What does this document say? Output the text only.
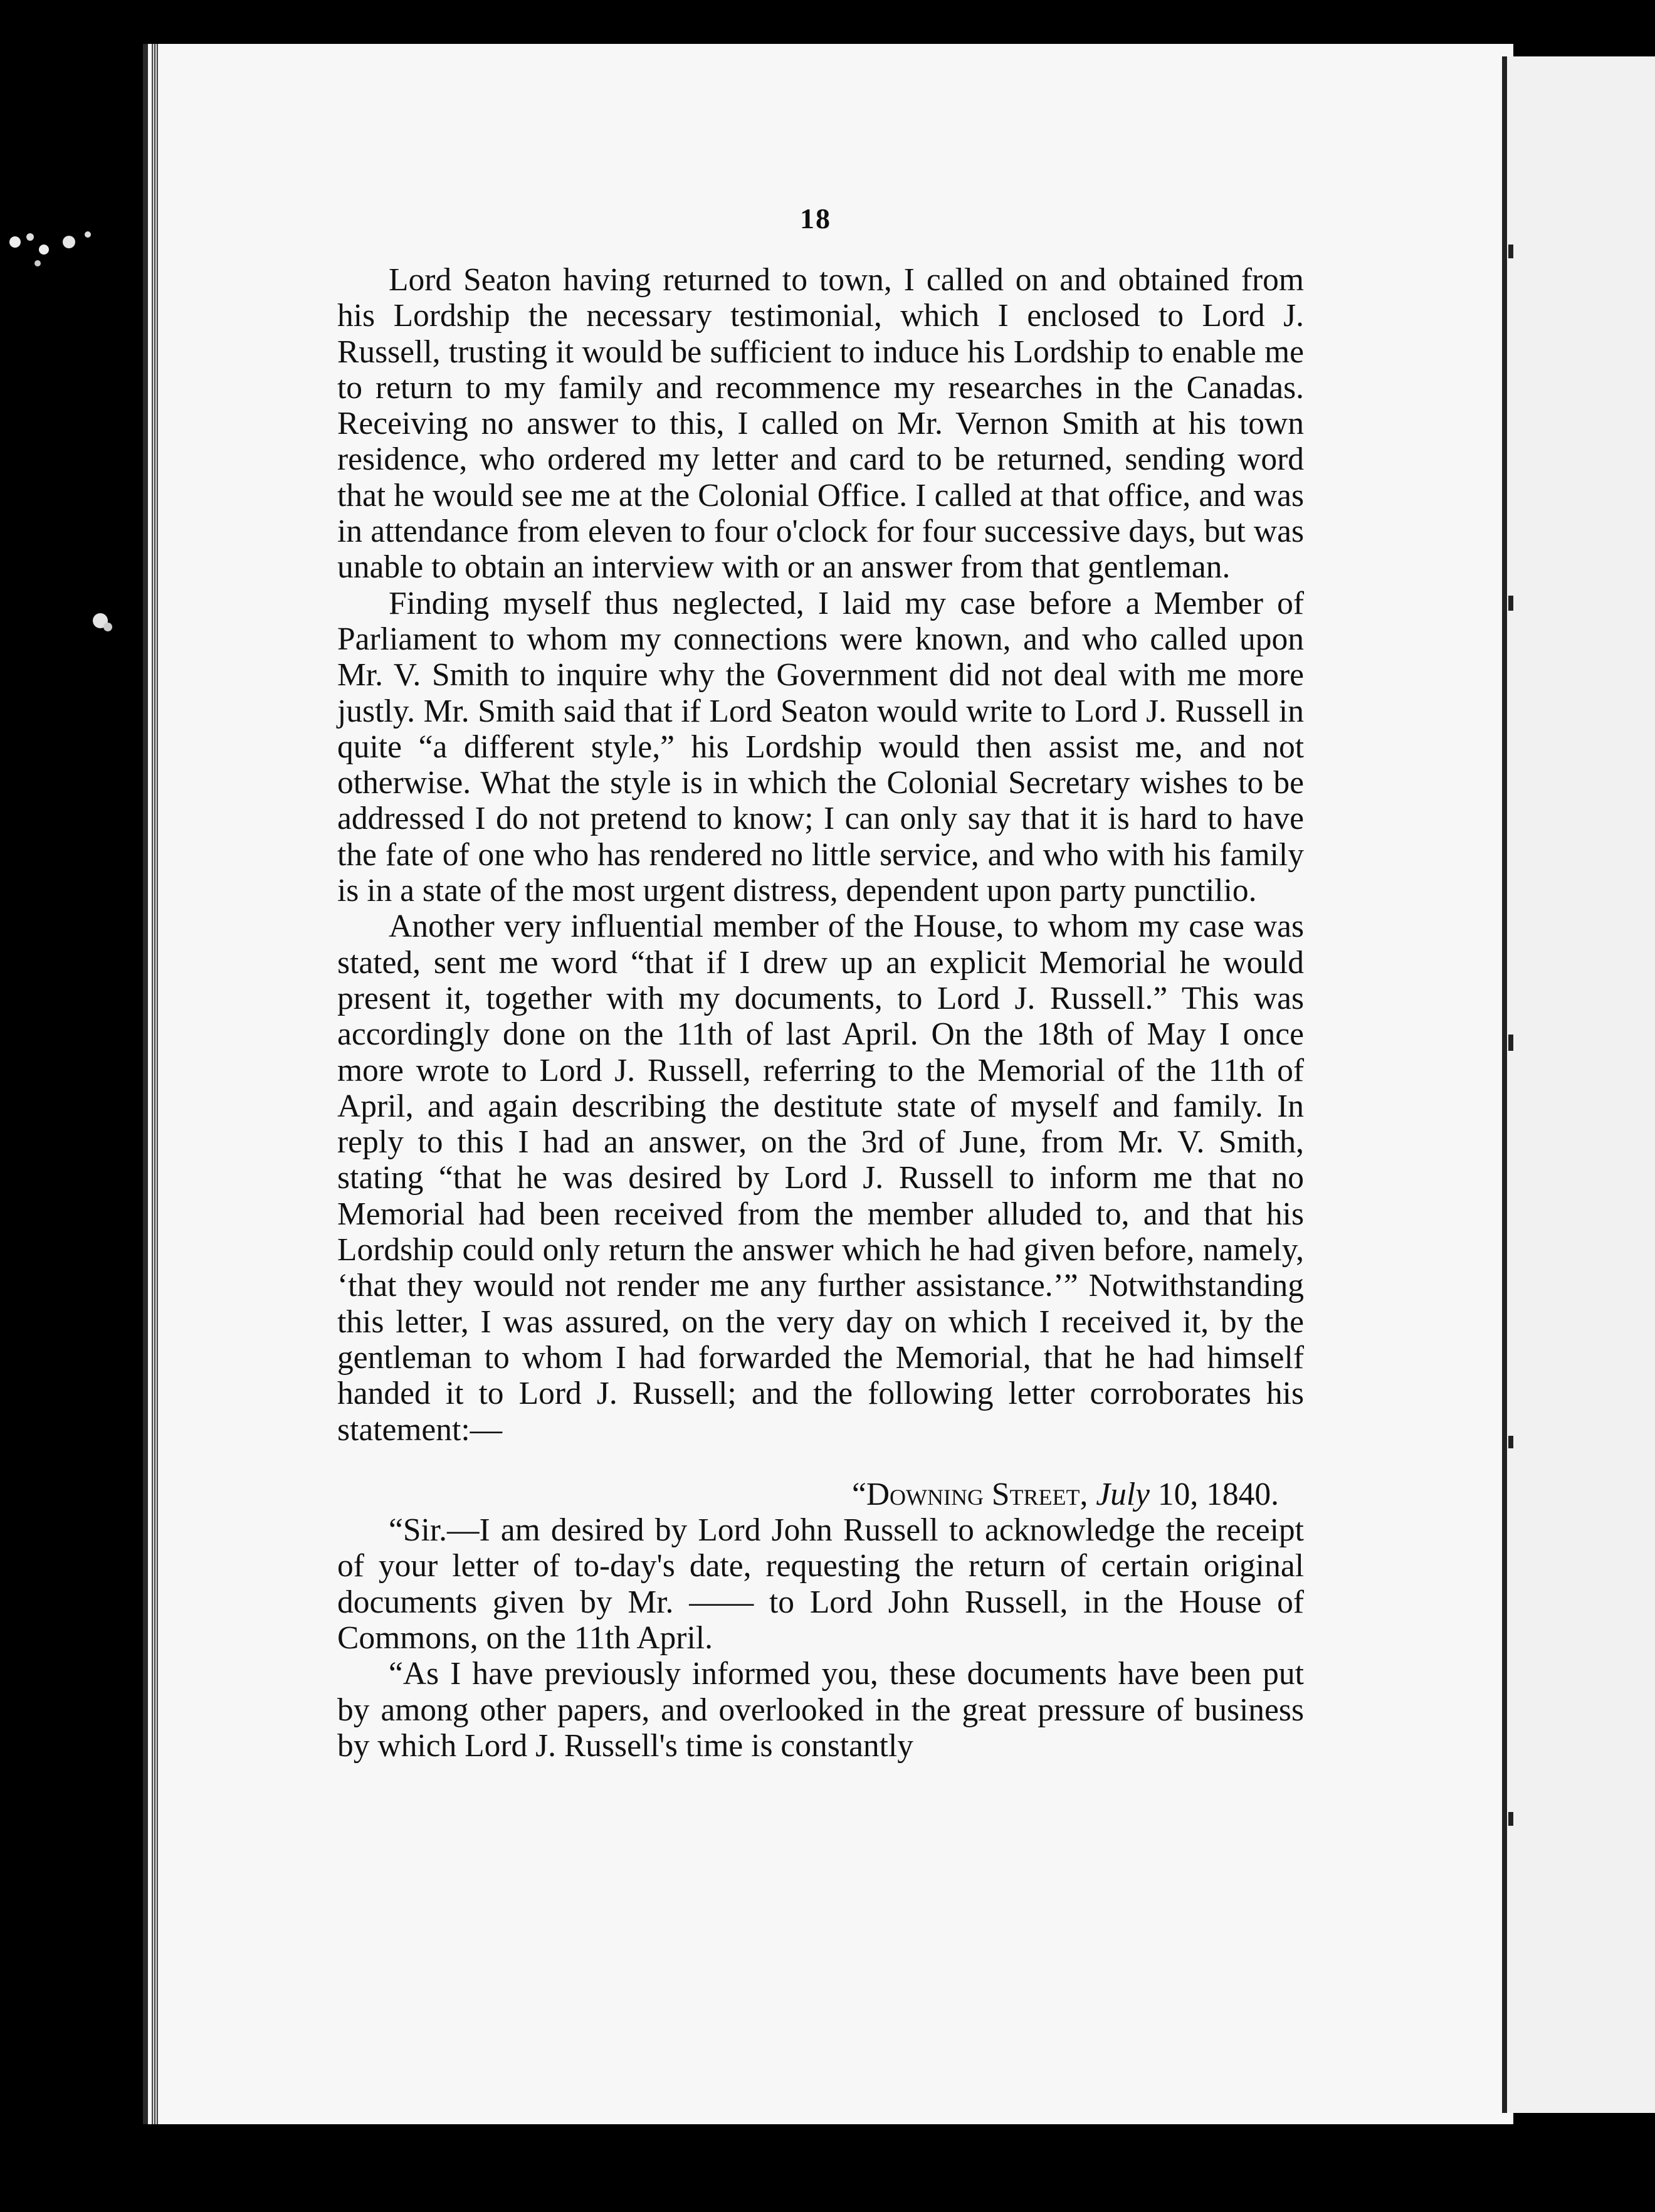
18

Lord Seaton having returned to town, I called on and obtained from his Lordship the necessary testimonial, which I enclosed to Lord J. Russell, trusting it would be sufficient to induce his Lordship to enable me to return to my family and recommence my researches in the Canadas. Receiving no answer to this, I called on Mr. Vernon Smith at his town residence, who ordered my letter and card to be returned, sending word that he would see me at the Colonial Office. I called at that office, and was in attendance from eleven to four o'clock for four successive days, but was unable to obtain an interview with or an answer from that gentleman.

Finding myself thus neglected, I laid my case before a Member of Parliament to whom my connections were known, and who called upon Mr. V. Smith to inquire why the Government did not deal with me more justly. Mr. Smith said that if Lord Seaton would write to Lord J. Russell in quite “a different style,” his Lordship would then assist me, and not otherwise. What the style is in which the Colonial Secretary wishes to be addressed I do not pretend to know; I can only say that it is hard to have the fate of one who has rendered no little service, and who with his family is in a state of the most urgent distress, dependent upon party punctilio.

Another very influential member of the House, to whom my case was stated, sent me word “that if I drew up an explicit Memorial he would present it, together with my documents, to Lord J. Russell.” This was accordingly done on the 11th of last April. On the 18th of May I once more wrote to Lord J. Russell, referring to the Memorial of the 11th of April, and again describing the destitute state of myself and family. In reply to this I had an answer, on the 3rd of June, from Mr. V. Smith, stating “that he was desired by Lord J. Russell to inform me that no Memorial had been received from the member alluded to, and that his Lordship could only return the answer which he had given before, namely, ‘that they would not render me any further assistance.’” Notwithstanding this letter, I was assured, on the very day on which I received it, by the gentleman to whom I had forwarded the Memorial, that he had himself handed it to Lord J. Russell; and the following letter corroborates his statement:—

“Downing Street, July 10, 1840.

“Sir.—I am desired by Lord John Russell to acknowledge the receipt of your letter of to-day's date, requesting the return of certain original documents given by Mr. —— to Lord John Russell, in the House of Commons, on the 11th April.

“As I have previously informed you, these documents have been put by among other papers, and overlooked in the great pressure of business by which Lord J. Russell's time is constantly
